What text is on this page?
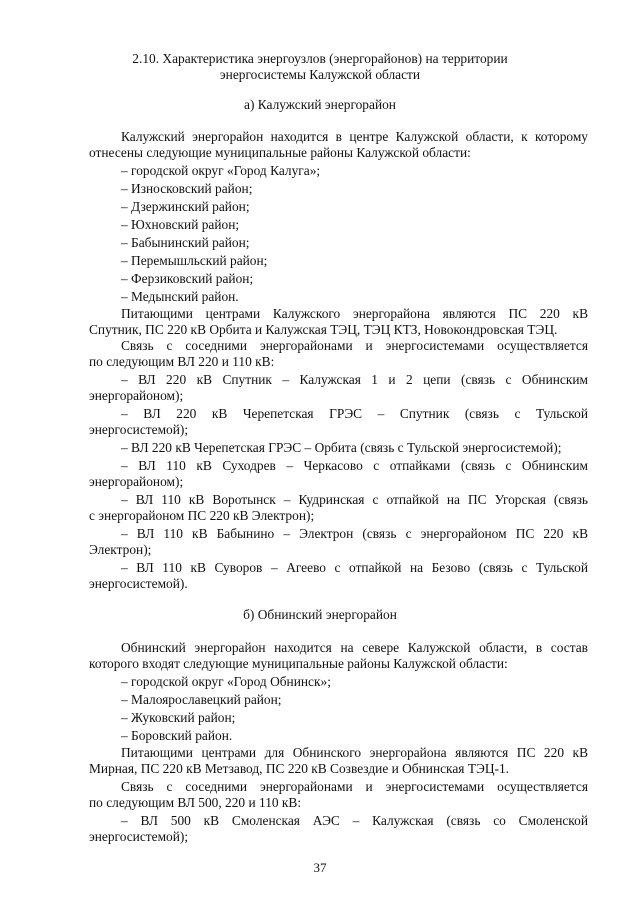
2.10. Характеристика энергоузлов (энергорайонов) на территории
энергосистемы Калужской области
а) Калужский энергорайон
Калужский энергорайон находится в центре Калужской области, к которому
отнесены следующие муниципальные районы Калужской области:
– городской округ «Город Калуга»;
– Износковский район;
– Дзержинский район;
– Юхновский район;
– Бабынинский район;
– Перемышльский район;
– Ферзиковский район;
– Медынский район.
Питающими центрами Калужского энергорайона являются ПС 220 кВ
Спутник, ПС 220 кВ Орбита и Калужская ТЭЦ, ТЭЦ КТЗ, Новокондровская ТЭЦ.
Связь с соседними энергорайонами и энергосистемами осуществляется
по следующим ВЛ 220 и 110 кВ:
– ВЛ 220 кВ Спутник – Калужская 1 и 2 цепи (связь с Обнинским
энергорайоном);
– ВЛ 220 кВ Черепетская ГРЭС – Спутник (связь с Тульской
энергосистемой);
– ВЛ 220 кВ Черепетская ГРЭС – Орбита (связь с Тульской энергосистемой);
– ВЛ 110 кВ Суходрев – Черкасово с отпайками (связь с Обнинским
энергорайоном);
– ВЛ 110 кВ Воротынск – Кудринская с отпайкой на ПС Угорская (связь
с энергорайоном ПС 220 кВ Электрон);
– ВЛ 110 кВ Бабынино – Электрон (связь с энергорайоном ПС 220 кВ
Электрон);
– ВЛ 110 кВ Суворов – Агеево с отпайкой на Безово (связь с Тульской
энергосистемой).
б) Обнинский энергорайон
Обнинский энергорайон находится на севере Калужской области, в состав
которого входят следующие муниципальные районы Калужской области:
– городской округ «Город Обнинск»;
– Малоярославецкий район;
– Жуковский район;
– Боровский район.
Питающими центрами для Обнинского энергорайона являются ПС 220 кВ
Мирная, ПС 220 кВ Метзавод, ПС 220 кВ Созвездие и Обнинская ТЭЦ-1.
Связь с соседними энергорайонами и энергосистемами осуществляется
по следующим ВЛ 500, 220 и 110 кВ:
– ВЛ 500 кВ Смоленская АЭС – Калужская (связь со Смоленской
энергосистемой);
37
